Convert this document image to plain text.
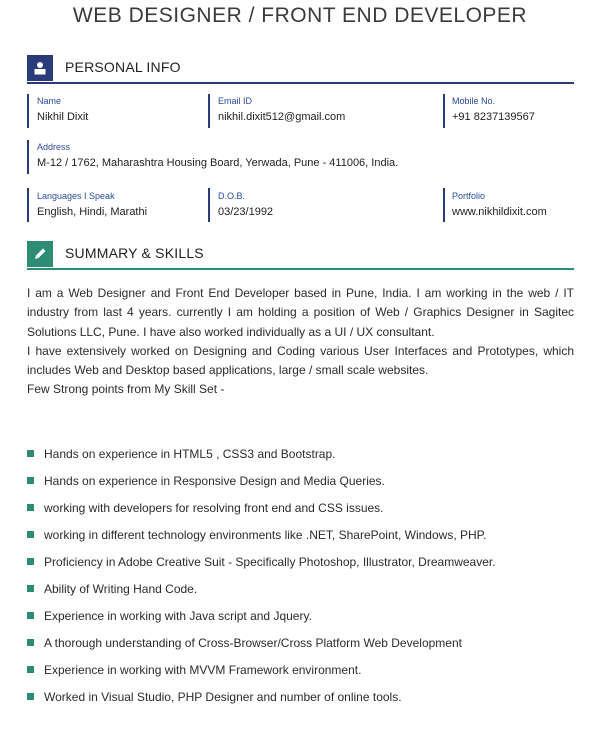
WEB DESIGNER / FRONT END DEVELOPER
PERSONAL INFO
Name
Nikhil Dixit
Email ID
nikhil.dixit512@gmail.com
Mobile No.
+91 8237139567
Address
M-12 / 1762, Maharashtra Housing Board, Yerwada, Pune - 411006, India.
Languages I Speak
English, Hindi, Marathi
D.O.B.
03/23/1992
Portfolio
www.nikhildixit.com
SUMMARY & SKILLS

I am a Web Designer and Front End Developer based in Pune, India. I am working in the web / IT industry from last 4 years. currently I am holding a position of Web / Graphics Designer in Sagitec Solutions LLC, Pune. I have also worked individually as a UI / UX consultant.

I have extensively worked on Designing and Coding various User Interfaces and Prototypes, which includes Web and Desktop based applications, large / small scale websites.

Few Strong points from My Skill Set -

Hands on experience in HTML5 , CSS3 and Bootstrap.
Hands on experience in Responsive Design and Media Queries.
working with developers for resolving front end and CSS issues.
working in different technology environments like .NET, SharePoint, Windows, PHP.
Proficiency in Adobe Creative Suit - Specifically Photoshop, Illustrator, Dreamweaver.
Ability of Writing Hand Code.
Experience in working with Java script and Jquery.
A thorough understanding of Cross-Browser/Cross Platform Web Development
Experience in working with MVVM Framework environment.
Worked in Visual Studio, PHP Designer and number of online tools.
